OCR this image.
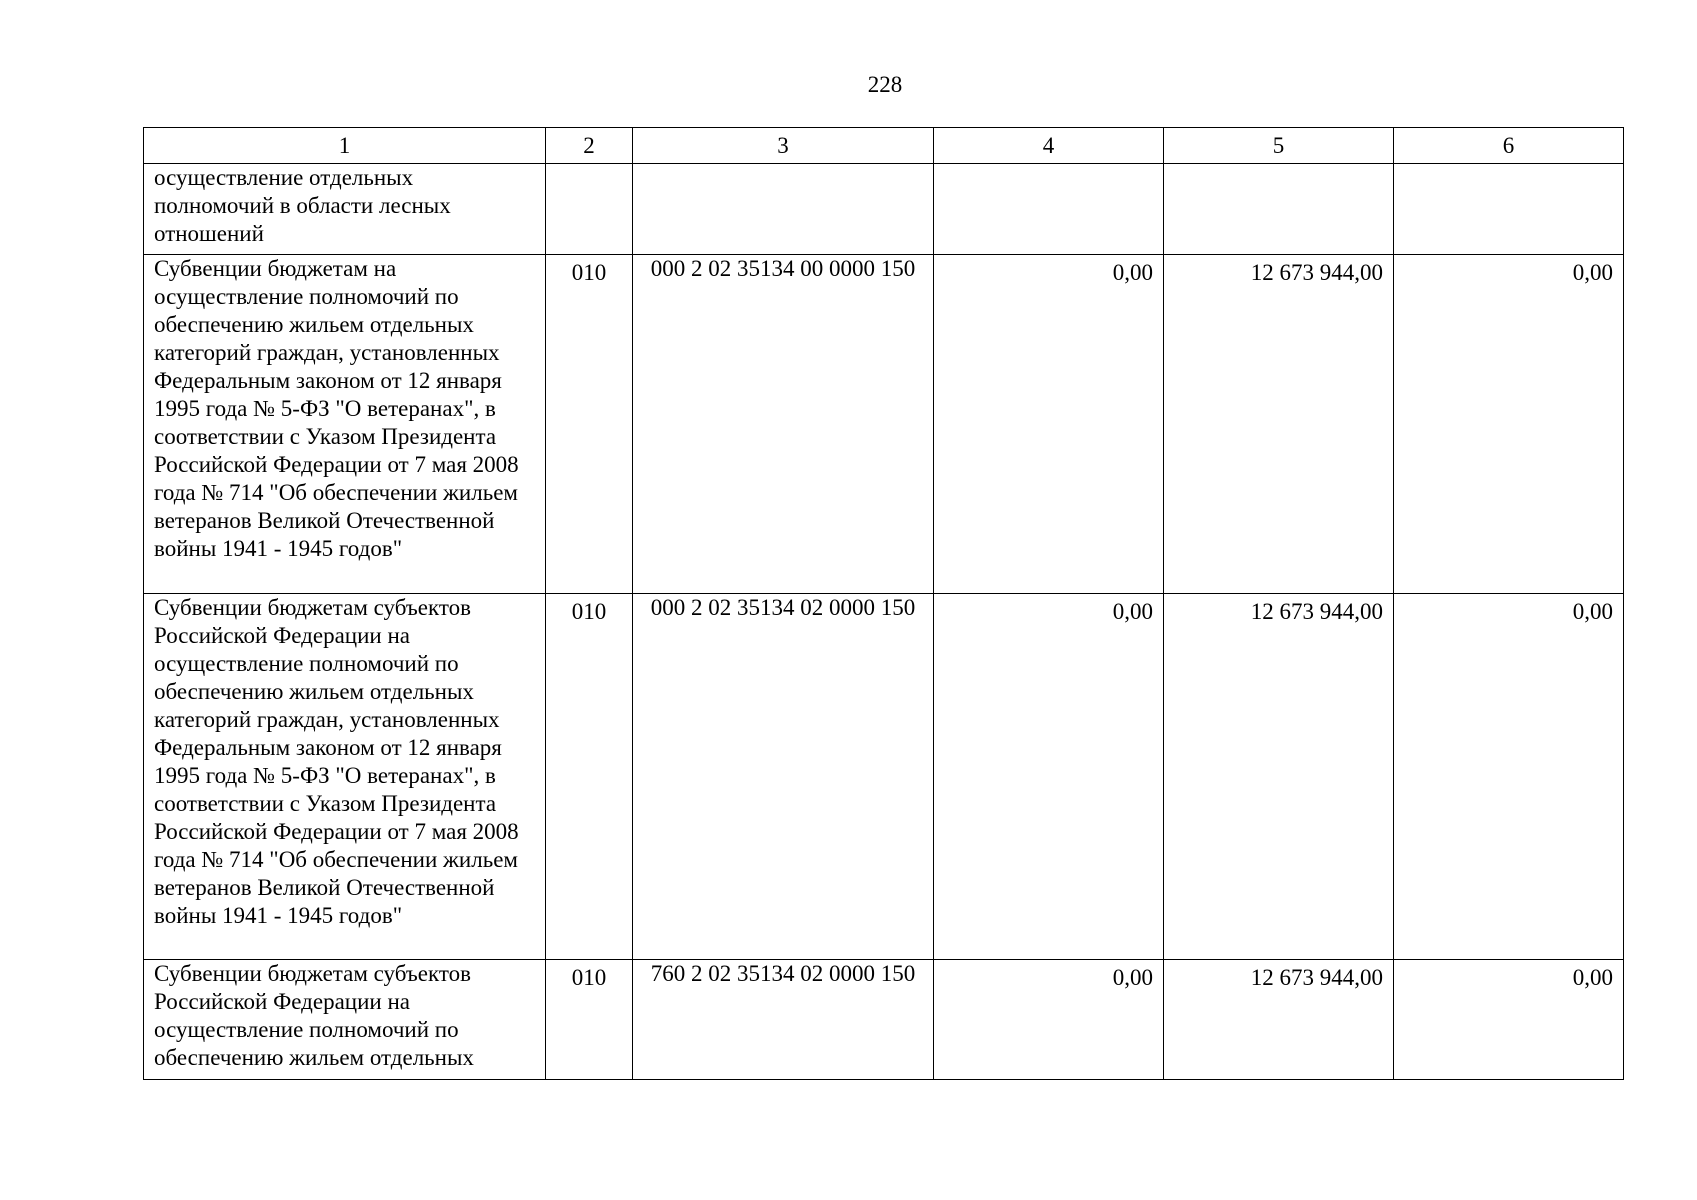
228
1	2	3	4	5	6
осуществление отдельных полномочий в области лесных отношений					
Субвенции бюджетам на осуществление полномочий по обеспечению жильем отдельных категорий граждан, установленных Федеральным законом от 12 января 1995 года № 5-ФЗ "О ветеранах", в соответствии с Указом Президента Российской Федерации от 7 мая 2008 года № 714 "Об обеспечении жильем ветеранов Великой Отечественной войны 1941 - 1945 годов"	010	000 2 02 35134 00 0000 150	0,00	12 673 944,00	0,00
Субвенции бюджетам субъектов Российской Федерации на осуществление полномочий по обеспечению жильем отдельных категорий граждан, установленных Федеральным законом от 12 января 1995 года № 5-ФЗ "О ветеранах", в соответствии с Указом Президента Российской Федерации от 7 мая 2008 года № 714 "Об обеспечении жильем ветеранов Великой Отечественной войны 1941 - 1945 годов"	010	000 2 02 35134 02 0000 150	0,00	12 673 944,00	0,00
Субвенции бюджетам субъектов Российской Федерации на осуществление полномочий по обеспечению жильем отдельных	010	760 2 02 35134 02 0000 150	0,00	12 673 944,00	0,00
